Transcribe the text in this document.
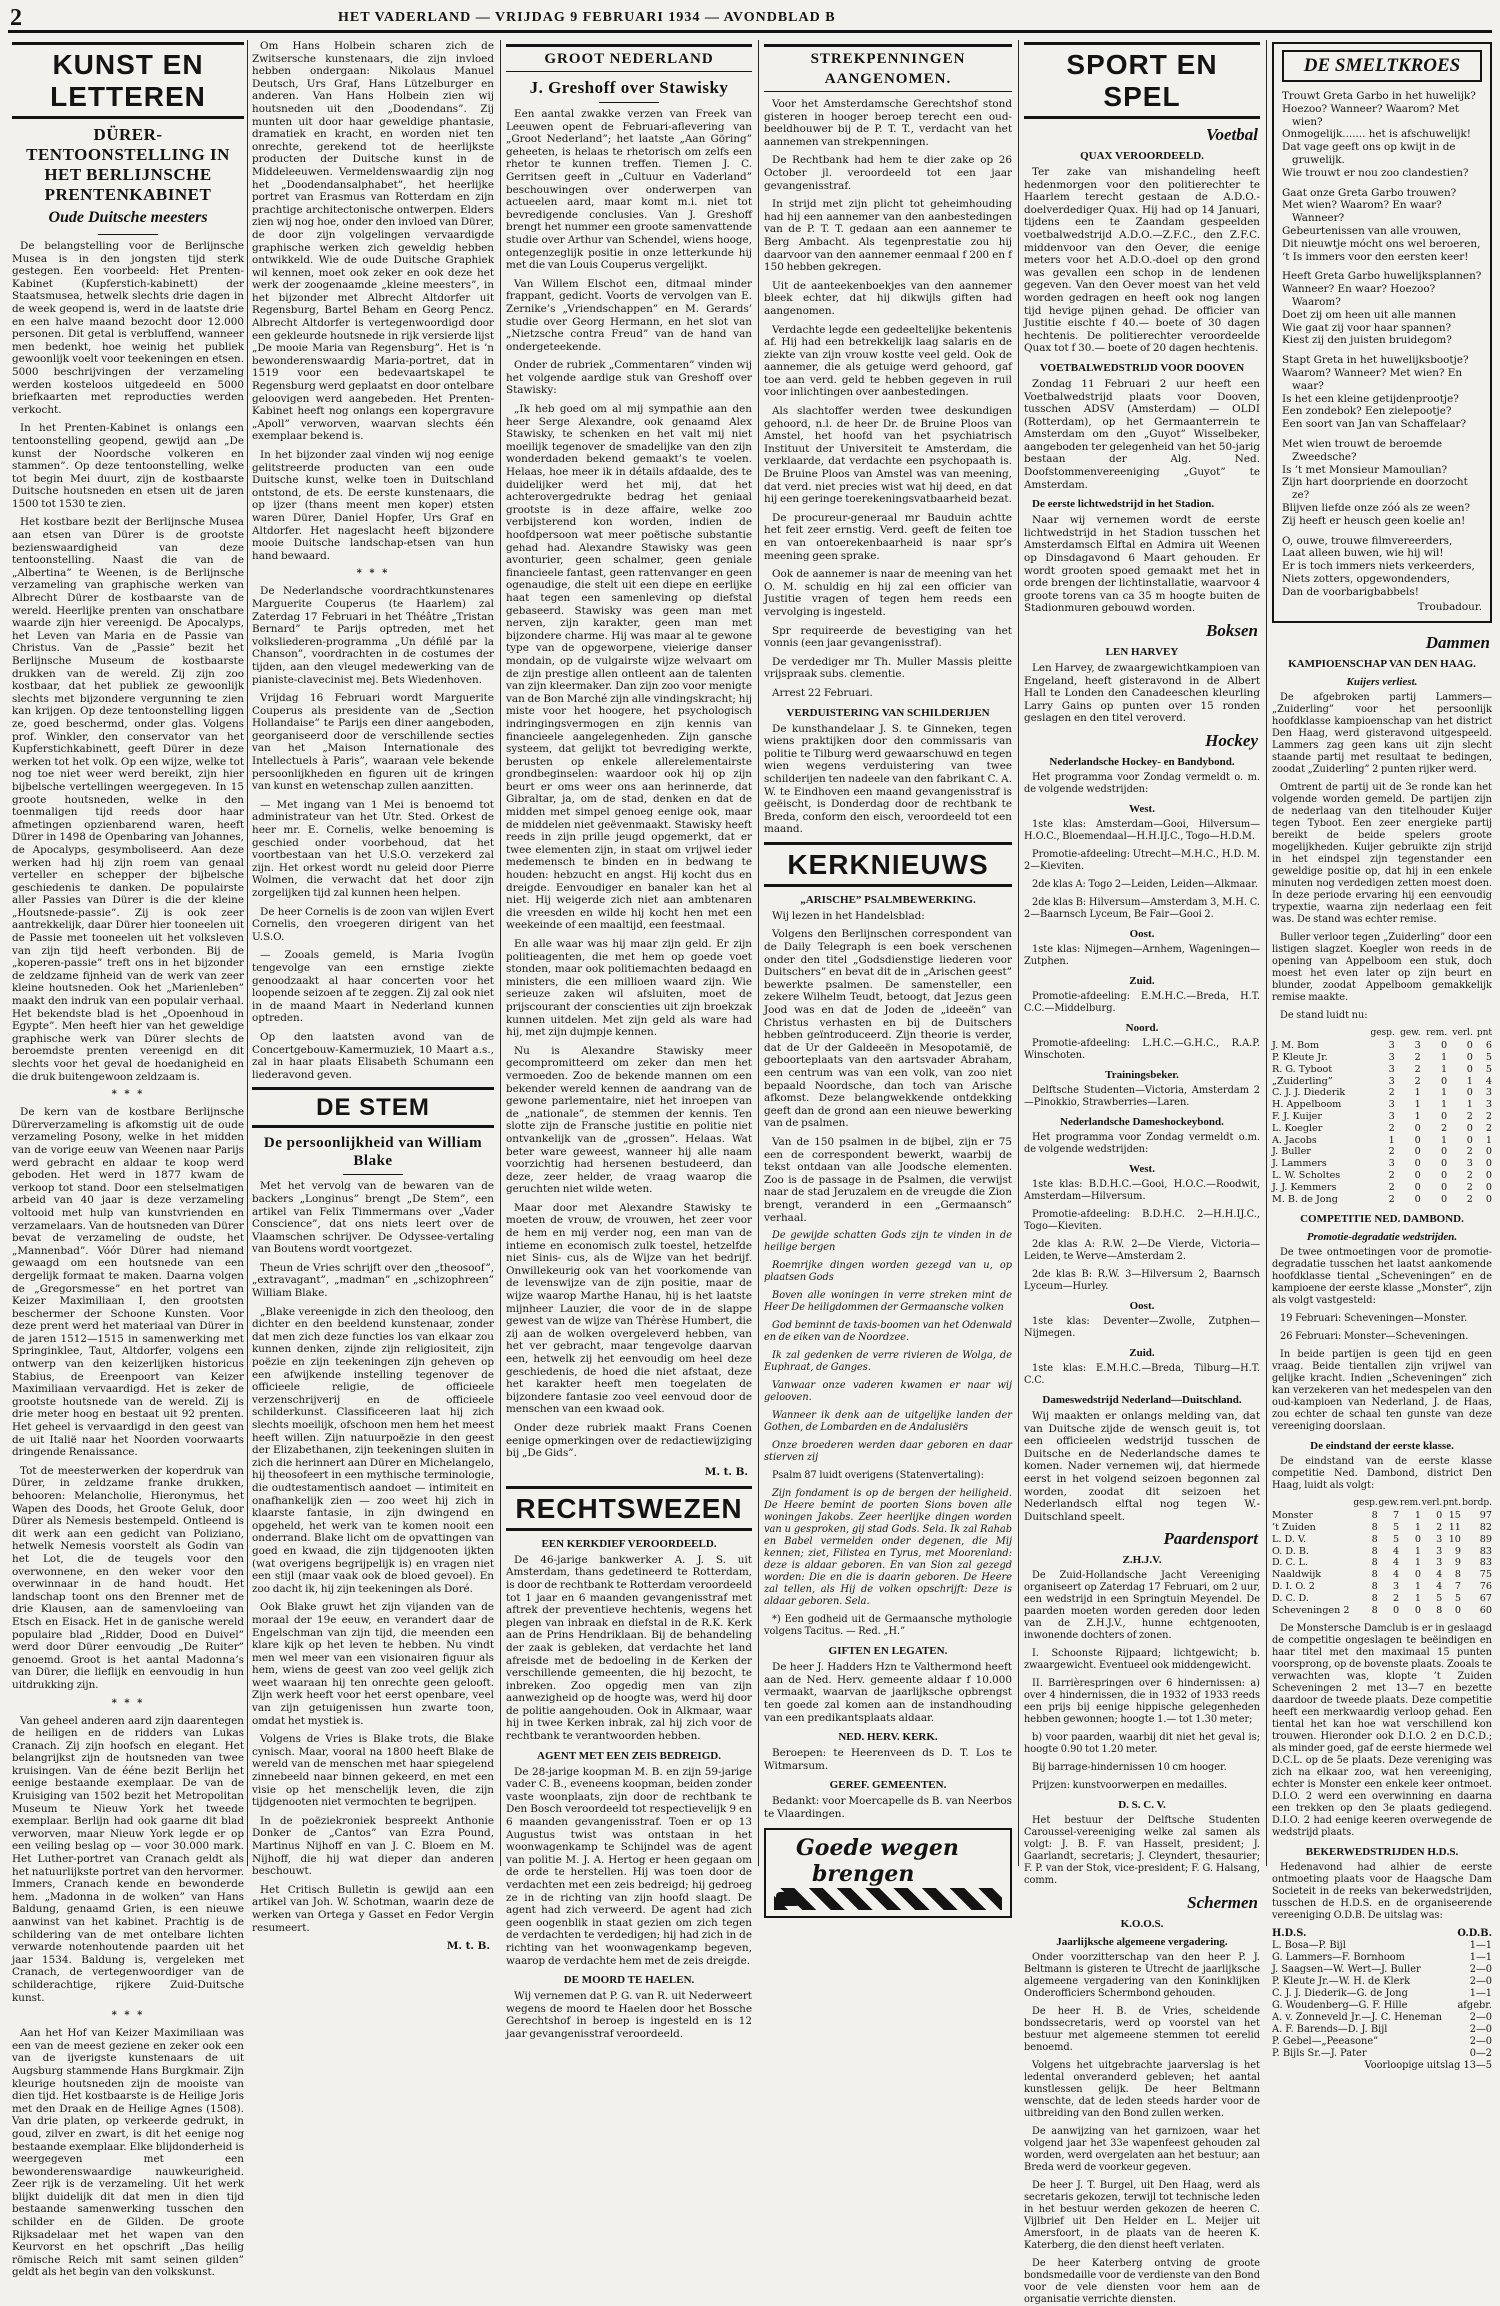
2	HET VADERLAND — VRIJDAG 9 FEBRUARI 1934 — AVONDBLAD B
KUNST EN LETTEREN
DÜRER-TENTOONSTELLING IN HET BERLIJNSCHE PRENTENKABINET
Oude Duitsche meesters

De belangstelling voor de Berlijnsche Musea is in den jongsten tijd sterk gestegen. Een voorbeeld: Het Prenten-Kabinet (Kupferstich-kabinett) der Staatsmusea, hetwelk slechts drie dagen in de week geopend is, werd in de laatste drie en een halve maand bezocht door 12.000 personen. Dit getal is verbluffend, wanneer men bedenkt, hoe weinig het publiek gewoonlijk voelt voor teekeningen en etsen. 5000 beschrijvingen der verzameling werden kosteloos uitgedeeld en 5000 briefkaarten met reproducties werden verkocht.

In het Prenten-Kabinet is onlangs een tentoonstelling geopend, gewijd aan „De kunst der Noordsche volkeren en stammen”. Op deze tentoonstelling, welke tot begin Mei duurt, zijn de kostbaarste Duitsche houtsneden en etsen uit de jaren 1500 tot 1530 te zien.

Het kostbare bezit der Berlijnsche Musea aan etsen van Dürer is de grootste bezienswaardigheid van deze tentoonstelling. Naast die van de „Albertina” te Weenen, is de Berlijnsche verzameling van graphische werken van Albrecht Dürer de kostbaarste van de wereld. Heerlijke prenten van onschatbare waarde zijn hier vereenigd. De Apocalyps, het Leven van Maria en de Passie van Christus. Van de „Passie” bezit het Berlijnsche Museum de kostbaarste drukken van de wereld. Zij zijn zoo kostbaar, dat het publiek ze gewoonlijk slechts met bijzondere vergunning te zien kan krijgen. Op deze tentoonstelling liggen ze, goed beschermd, onder glas. Volgens prof. Winkler, den conservator van het Kupferstichkabinett, geeft Dürer in deze werken tot het volk. Op een wijze, welke tot nog toe niet weer werd bereikt, zijn hier bijbelsche vertellingen weergegeven. In 15 groote houtsneden, welke in den toenmaligen tijd reeds door haar afmetingen opzienbarend waren, heeft Dürer in 1498 de Openbaring van Johannes, de Apocalyps, gesymboliseerd. Aan deze werken had hij zijn roem van genaal verteller en schepper der bijbelsche geschiedenis te danken. De populairste aller Passies van Dürer is die der kleine „Houtsnede-passie”. Zij is ook zeer aantrekkelijk, daar Dürer hier tooneelen uit de Passie met tooneelen uit het volksleven van zijn tijd heeft verbonden. Bij de „koperen-passie” treft ons in het bijzonder de zeldzame fijnheid van de werk van zeer kleine houtsneden. Ook het „Marienleben” maakt den indruk van een populair verhaal. Het bekendste blad is het „Opoenhoud in Egypte”. Men heeft hier van het geweldige graphische werk van Dürer slechts de beroemdste prenten vereenigd en dit slechts voor het geval de hoedanigheid en die druk buitengewoon zeldzaam is.

* * *

De kern van de kostbare Berlijnsche Dürerverzameling is afkomstig uit de oude verzameling Posony, welke in het midden van de vorige eeuw van Weenen naar Parijs werd gebracht en aldaar te koop werd geboden. Het werd in 1877 kwam de verkoop tot stand. Door een stelselmatigen arbeid van 40 jaar is deze verzameling voltooid met hulp van kunstvrienden en verzamelaars. Van de houtsneden van Dürer bevat de verzameling de oudste, het „Mannenbad”. Vóór Dürer had niemand gewaagd om een houtsnede van een dergelijk formaat te maken. Daarna volgen de „Gregorsmesse” en het portret van Keizer Maximiliaan I, den grootsten beschermer der Schoone Kunsten. Voor deze prent werd het materiaal van Dürer in de jaren 1512—1515 in samenwerking met Springinklee, Taut, Altdorfer, volgens een ontwerp van den keizerlijken historicus Stabius, de Ereenpoort van Keizer Maximiliaan vervaardigd. Het is zeker de grootste houtsnede van de wereld. Zij is drie meter hoog en bestaat uit 92 prenten. Het geheel is vervaardigd in den geest van de uit Italië naar het Noorden voorwaarts dringende Renaissance.

Tot de meesterwerken der koperdruk van Dürer, in zeldzame franke drukken, behooren: Melancholie, Hieronymus, het Wapen des Doods, het Groote Geluk, door Dürer als Nemesis bestempeld. Ontleend is dit werk aan een gedicht van Poliziano, hetwelk Nemesis voorstelt als Godin van het Lot, die de teugels voor den overwonnene, en den weker voor den overwinnaar in de hand houdt. Het landschap toont ons den Brenner met de drie Klausen, aan de samenvloeiing van Etsch en Eisack. Het in de ganische wereld populaire blad „Ridder, Dood en Duivel” werd door Dürer eenvoudig „De Ruiter” genoemd. Groot is het aantal Madonna’s van Dürer, die lieflijk en eenvoudig in hun uitdrukking zijn.

* * *

Van geheel anderen aard zijn daarentegen de heiligen en de ridders van Lukas Cranach. Zij zijn hoofsch en elegant. Het belangrijkst zijn de houtsneden van twee kruisingen. Van de ééne bezit Berlijn het eenige bestaande exemplaar. De van de Kruisiging van 1502 bezit het Metropolitan Museum te Nieuw York het tweede exemplaar. Berlijn had ook gaarne dit blad verworven, maar Nieuw York legde er op een veiling beslag op — voor 30.000 mark. Het Luther-portret van Cranach geldt als het natuurlijkste portret van den hervormer. Immers, Cranach kende en bewonderde hem. „Madonna in de wolken” van Hans Baldung, genaamd Grien, is een nieuwe aanwinst van het kabinet. Prachtig is de schildering van de met ontelbare lichten verwarde notenhoutende paarden uit het jaar 1534. Baldung is, vergeleken met Cranach, de vertegenwoordiger van de schilderachtige, rijkere Zuid-Duitsche kunst.

* * *

Aan het Hof van Keizer Maximiliaan was een van de meest geziene en zeker ook een van de ijverigste kunstenaars de uit Augsburg stammende Hans Burgkmair. Zijn kleurige houtsneden zijn de mooiste van dien tijd. Het kostbaarste is de Heilige Joris met den Draak en de Heilige Agnes (1508). Van drie platen, op verkeerde gedrukt, in goud, zilver en zwart, is dit het eenige nog bestaande exemplaar. Elke blijdonderheid is weergegeven met een bewonderenswaardige nauwkeurigheid. Zeer rijk is de verzameling. Uit het werk blijkt duidelijk dit dat men in dien tijd bestaande samenwerking tusschen den schilder en de Gilden. De groote Rijksadelaar met het wapen van den Keurvorst en het opschrift „Das heilig römische Reich mit samt seinen gilden” geldt als het begin van den volkskunst.

Om Hans Holbein scharen zich de Zwitsersche kunstenaars, die zijn invloed hebben ondergaan: Nikolaus Manuel Deutsch, Urs Graf, Hans Lützelburger en anderen. Van Hans Holbein zien wij houtsneden uit den „Doodendans”. Zij munten uit door haar geweldige phantasie, dramatiek en kracht, en worden niet ten onrechte, gerekend tot de heerlijkste producten der Duitsche kunst in de Middeleeuwen. Vermeldenswaardig zijn nog het „Doodendansalphabet”, het heerlijke portret van Erasmus van Rotterdam en zijn prachtige architectonische ontwerpen. Elders zien wij nog hoe, onder den invloed van Dürer, de door zijn volgelingen vervaardigde graphische werken zich geweldig hebben ontwikkeld. Wie de oude Duitsche Graphiek wil kennen, moet ook zeker en ook deze het werk der zoogenaamde „kleine meesters”, in het bijzonder met Albrecht Altdorfer uit Regensburg, Bartel Beham en Georg Pencz. Albrecht Altdorfer is vertegenwoordigd door een gekleurde houtsnede in rijk versierde lijst „De mooie Maria van Regensburg”. Het is ’n bewonderenswaardig Maria-portret, dat in 1519 voor een bedevaartskapel te Regensburg werd geplaatst en door ontelbare geloovigen werd aangebeden. Het Prenten-Kabinet heeft nog onlangs een kopergravure „Apoll” verworven, waarvan slechts één exemplaar bekend is.

In het bijzonder zaal vinden wij nog eenige gelitstreerde producten van een oude Duitsche kunst, welke toen in Duitschland ontstond, de ets. De eerste kunstenaars, die op ijzer (thans meent men koper) etsten waren Dürer, Daniel Hopfer, Urs Graf en Altdorfer. Het nageslacht heeft bijzondere mooie Duitsche landschap-etsen van hun hand bewaard.

* * *

De Nederlandsche voordrachtkunstenares Marguerite Couperus (te Haarlem) zal Zaterdag 17 Februari in het Théâtre „Tristan Bernard” te Parijs optreden, met het volksliederen-programma „Un défilé par la Chanson”, voordrachten in de costumes der tijden, aan den vleugel medewerking van de pianiste-clavecinist mej. Bets Wiedenhoven.

Vrijdag 16 Februari wordt Marguerite Couperus als presidente van de „Section Hollandaise” te Parijs een diner aangeboden, georganiseerd door de verschillende secties van het „Maison Internationale des Intellectuels à Paris”, waaraan vele bekende persoonlijkheden en figuren uit de kringen van kunst en wetenschap zullen aanzitten.

— Met ingang van 1 Mei is benoemd tot administrateur van het Utr. Sted. Orkest de heer mr. E. Cornelis, welke benoeming is geschied onder voorbehoud, dat het voortbestaan van het U.S.O. verzekerd zal zijn. Het orkest wordt nu geleid door Pierre Wolmen, die verwacht dat het door zijn zorgelijken tijd zal kunnen heen helpen.

De heer Cornelis is de zoon van wijlen Evert Cornelis, den vroegeren dirigent van het U.S.O.

— Zooals gemeld, is Maria Ivogün tengevolge van een ernstige ziekte genoodzaakt al haar concerten voor het loopende seizoen af te zeggen. Zij zal ook niet in de maand Maart in Nederland kunnen optreden.

Op den laatsten avond van de Concertgebouw-Kamermuziek, 10 Maart a.s., zal in haar plaats Elisabeth Schumann een liederavond geven.

DE STEM
De persoonlijkheid van William Blake

Met het vervolg van de bewaren van de backers „Longinus” brengt „De Stem”, een artikel van Felix Timmermans over „Vader Conscience”, dat ons niets leert over de Vlaamschen schrijver. De Odyssee-vertaling van Boutens wordt voortgezet.

Theun de Vries schrijft over den „theosoof”, „extravagant”, „madman” en „schizophreen” William Blake.

„Blake vereenigde in zich den theoloog, den dichter en den beeldend kunstenaar, zonder dat men zich deze functies los van elkaar zou kunnen denken, zijnde zijn religiositeit, zijn poëzie en zijn teekeningen zijn geheven op een afwijkende instelling tegenover de officieele religie, de officieele verzenschrijverij en de officieele schilderkunst. Classificeeren laat hij zich slechts moeilijk, ofschoon men hem het meest heeft willen. Zijn natuurpoëzie in den geest der Elizabethanen, zijn teekeningen sluiten in zich die herinnert aan Dürer en Michelangelo, hij theosofeert in een mythische terminologie, die oudtestamentisch aandoet — intimiteit en onafhankelijk zien — zoo weet hij zich in klaarste fantasie, in zijn dwingend en opgeheld, het werk van te komen nooit een onderrand. Blake licht om de opvattingen van goed en kwaad, die zijn tijdgenooten ijkten (wat overigens begrijpelijk is) en vragen niet een stijl (maar vaak ook de bloed gevoel). En zoo dacht ik, hij zijn teekeningen als Doré.

Ook Blake gruwt het zijn vijanden van de moraal der 19e eeuw, en verandert daar de Engelschman van zijn tijd, die meenden een klare kijk op het leven te hebben. Nu vindt men wel meer van een visionairen figuur als hem, wiens de geest van zoo veel gelijk zich weet waaraan hij ten onrechte geen gelooft. Zijn werk heeft voor het eerst openbare, veel van zijn getuigenissen hun zwarte toon, omdat het mystiek is.

Volgens de Vries is Blake trots, die Blake cynisch. Maar, vooral na 1800 heeft Blake de wereld van de menschen met haar spiegelend zinnebeeld naar binnen gekeerd, en met een visie op het menschelijk leven, die zijn tijdgenooten niet vermochten te begrijpen.

In de poëziekroniek bespreekt Anthonie Donker de „Cantos” van Ezra Pound, Martinus Nijhoff en van J. C. Bloem en M. Nijhoff, die hij wat dieper dan anderen beschouwt.

Het Critisch Bulletin is gewijd aan een artikel van Joh. W. Schotman, waarin deze de werken van Ortega y Gasset en Fedor Vergin resumeert.

M. t. B.
GROOT NEDERLAND
J. Greshoff over Stawisky

Een aantal zwakke verzen van Freek van Leeuwen opent de Februari-aflevering van „Groot Nederland”; het laatste „Aan Göring” geheeten, is helaas te rhetorisch om zelfs een rhetor te kunnen treffen. Tiemen J. C. Gerritsen geeft in „Cultuur en Vaderland” beschouwingen over onderwerpen van actueelen aard, maar komt m.i. niet tot bevredigende conclusies. Van J. Greshoff brengt het nummer een groote samenvattende studie over Arthur van Schendel, wiens hooge, ontegenzeglijk positie in onze letterkunde hij met die van Louis Couperus vergelijkt.

Van Willem Elschot een, ditmaal minder frappant, gedicht. Voorts de vervolgen van E. Zernike’s „Vriendschappen” en M. Gerards’ studie over Georg Hermann, en het slot van „Nietzsche contra Freud” van de hand van ondergeteekende.

Onder de rubriek „Commentaren” vinden wij het volgende aardige stuk van Greshoff over Stawisky:

„Ik heb goed om al mij sympathie aan den heer Serge Alexandre, ook genaamd Alex Stawisky, te schenken en het valt mij niet moeilijk tegenover de smadelijke van den zijn wonderdaden bekend gemaakt’s te voelen. Helaas, hoe meer ik in détails afdaalde, des te duidelijker werd het mij, dat het achterovergedrukte bedrag het geniaal grootste is in deze affaire, welke zoo verbijsterend kon worden, indien de hoofdpersoon wat meer poëtische substantie gehad had. Alexandre Stawisky was geen avonturier, geen schalmer, geen geniale financieele fantast, geen rattenvanger en geen ogenaudige, die stelt uit een diepe en eerlijke haat tegen een samenleving op diefstal gebaseerd. Stawisky was geen man met nerven, zijn karakter, geen man met bijzondere charme. Hij was maar al te gewone type van de opgeworpene, vieierige danser mondain, op de vulgairste wijze welvaart om de zijn prestige allen ontleent aan de talenten van zijn kleermaker. Dan zijn zoo voor menigte van de Bon Marché zijn alle vindingskracht; hij miste voor het hoogere, het psychologisch indringingsvermogen en zijn kennis van financieele aangelegenheden. Zijn gansche systeem, dat gelijkt tot bevrediging werkte, berusten op enkele allerelementairste grondbeginselen: waardoor ook hij op zijn beurt er oms weer ons aan herinnerde, dat Gibraltar, ja, om de stad, denken en dat de midden met simpel genoeg eenige ook, maar de middelen niet geëvenmaakt. Stawisky heeft reeds in zijn prille jeugd opgemerkt, dat er twee elementen zijn, in staat om vrijwel ieder medemensch te binden en in bedwang te houden: hebzucht en angst. Hij kocht dus en dreigde. Eenvoudiger en banaler kan het al niet. Hij weigerde zich niet aan ambtenaren die vreesden en wilde hij kocht hen met een weekeinde of een maaltijd, een feestmaal.

En alle waar was hij maar zijn geld. Er zijn politieagenten, die met hem op goede voet stonden, maar ook politiemachten bedaagd en ministers, die een millioen waard zijn. Wie serieuze zaken wil afsluiten, moet de prijscourant der conscienties uit zijn broekzak kunnen uitdelen. Met zijn geld als ware had hij, met zijn dujmpje kennen.

Nu is Alexandre Stawisky meer gecompromitteerd om zeker dan men het vermoeden. Zoo de bekende mannen om een bekender wereld kennen de aandrang van de gewone parlementaire, niet het inroepen van de „nationale”, de stemmen der kennis. Ten slotte zijn de Fransche justitie en politie niet ontvankelijk van de „grossen”. Helaas. Wat beter ware geweest, wanneer hij alle naam voorzichtig had hersenen bestudeerd, dan deze, zeer helder, de vraag waarop die geruchten niet wilde weten.

Maar door met Alexandre Stawisky te moeten de vrouw, de vrouwen, het zeer voor de hem en mij verder nog, een man van de intieme en economisch zulk toestel, hetzelfde niet Sinis- cus, als de Wijze van het bedrijf. Onwillekeurig ook van het voorkomende van de levenswijze van de zijn positie, maar de wijze waarop Marthe Hanau, hij is het laatste mijnheer Lauzier, die voor de in de slappe gewest van de wijze van Thérèse Humbert, die zij aan de wolken overgeleverd hebben, van het ver gebracht, maar tengevolge daarvan een, hetwelk zij het eenvoudig om heel deze geschiedenis, de hoed die niet afstaat, deze het karakter heeft men toegelaten de bijzondere fantasie zoo veel eenvoud door de menschen van een kwaad ook.

Onder deze rubriek maakt Frans Coenen eenige opmerkingen over de redactiewijziging bij „De Gids”.

M. t. B.
RECHTSWEZEN
EEN KERKDIEF VEROORDEELD.

De 46-jarige bankwerker A. J. S. uit Amsterdam, thans gedetineerd te Rotterdam, is door de rechtbank te Rotterdam veroordeeld tot 1 jaar en 6 maanden gevangenisstraf met aftrek der preventieve hechtenis, wegens het plegen van inbraak en diefstal in de R.K. Kerk aan de Prins Hendriklaan. Bij de behandeling der zaak is gebleken, dat verdachte het land afreisde met de bedoeling in de Kerken der verschillende gemeenten, die hij bezocht, te inbreken. Zoo opgedig men van zijn aanwezigheid op de hoogte was, werd hij door de politie aangehouden. Ook in Alkmaar, waar hij in twee Kerken inbrak, zal hij zich voor de rechtbank te verantwoorden hebben.

AGENT MET EEN ZEIS BEDREIGD.

De 28-jarige koopman M. B. en zijn 59-jarige vader C. B., eveneens koopman, beiden zonder vaste woonplaats, zijn door de rechtbank te Den Bosch veroordeeld tot respectievelijk 9 en 6 maanden gevangenisstraf. Toen er op 13 Augustus twist was ontstaan in het woonwagenkamp te Schijndel was de agent van politie M. J. A. Hertog er heen gegaan om de orde te herstellen. Hij was toen door de verdachten met een zeis bedreigd; hij gedroeg ze in de richting van zijn hoofd slaagt. De agent had zich verweerd. De agent had zich geen oogenblik in staat gezien om zich tegen de verdachten te verdedigen; hij had zich in de richting van het woonwagenkamp begeven, waarop de verdachte hem met de zeis dreigde.

DE MOORD TE HAELEN.

Wij vernemen dat P. G. van R. uit Nederweert wegens de moord te Haelen door het Bossche Gerechtshof in beroep is ingesteld en is 12 jaar gevangenisstraf veroordeeld.

STREKPENNINGEN AANGENOMEN.

Voor het Amsterdamsche Gerechtshof stond gisteren in hooger beroep terecht een oud-beeldhouwer bij de P. T. T., verdacht van het aannemen van strekpenningen.

De Rechtbank had hem te dier zake op 26 October jl. veroordeeld tot een jaar gevangenisstraf.

In strijd met zijn plicht tot geheimhouding had hij een aannemer van den aanbestedingen van de P. T. T. gedaan aan een aannemer te Berg Ambacht. Als tegenprestatie zou hij daarvoor van den aannemer eenmaal f 200 en f 150 hebben gekregen.

Uit de aanteekenboekjes van den aannemer bleek echter, dat hij dikwijls giften had aangenomen.

Verdachte legde een gedeeltelijke bekentenis af. Hij had een betrekkelijk laag salaris en de ziekte van zijn vrouw kostte veel geld. Ook de aannemer, die als getuige werd gehoord, gaf toe aan verd. geld te hebben gegeven in ruil voor inlichtingen over aanbestedingen.

Als slachtoffer werden twee deskundigen gehoord, n.l. de heer Dr. de Bruine Ploos van Amstel, het hoofd van het psychiatrisch Instituut der Universiteit te Amsterdam, die verklaarde, dat verdachte een psychopaath is. De Bruine Ploos van Amstel was van meening, dat verd. niet precies wist wat hij deed, en dat hij een geringe toerekeningsvatbaarheid bezat.

De procureur-generaal mr Bauduin achtte het feit zeer ernstig. Verd. geeft de feiten toe en van ontoerekenbaarheid is naar spr’s meening geen sprake.

Ook de aannemer is naar de meening van het O. M. schuldig en hij zal een officier van Justitie vragen of tegen hem reeds een vervolging is ingesteld.

Spr requireerde de bevestiging van het vonnis (een jaar gevangenisstraf).

De verdediger mr Th. Muller Massis pleitte vrijspraak subs. clementie.

Arrest 22 Februari.

VERDUISTERING VAN SCHILDERIJEN

De kunsthandelaar J. S. te Ginneken, tegen wiens praktijken door den commissaris van politie te Tilburg werd gewaarschuwd en tegen wien wegens verduistering van twee schilderijen ten nadeele van den fabrikant C. A. W. te Eindhoven een maand gevangenisstraf is geëischt, is Donderdag door de rechtbank te Breda, conform den eisch, veroordeeld tot een maand.

KERKNIEUWS
„ARISCHE” PSALMBEWERKING.

Wij lezen in het Handelsblad:

Volgens den Berlijnschen correspondent van de Daily Telegraph is een boek verschenen onder den titel „Godsdienstige liederen voor Duitschers” en bevat dit de in „Arischen geest” bewerkte psalmen. De samensteller, een zekere Wilhelm Teudt, betoogt, dat Jezus geen Jood was en dat de Joden de „ideeën” van Christus verhasten en bij de Duitschers hebben geïntroduceerd. Zijn theorie is verder, dat de Ur der Galdeeën in Mesopotamië, de geboorteplaats van den aartsvader Abraham, een centrum was van een volk, van zoo niet bepaald Noordsche, dan toch van Arische afkomst. Deze belangwekkende ontdekking geeft dan de grond aan een nieuwe bewerking van de psalmen.

Van de 150 psalmen in de bijbel, zijn er 75 een de correspondent bewerkt, waarbij de tekst ontdaan van alle Joodsche elementen. Zoo is de passage in de Psalmen, die verwijst naar de stad Jeruzalem en de vreugde die Zion brengt, veranderd in een „Germaansch” verhaal.

De gewijde schatten Gods zijn te vinden in de heilige bergen

Roemrijke dingen worden gezegd van u, op plaatsen Gods

Boven alle woningen in verre streken mint de Heer De heiligdommen der Germaansche volken

God beminnt de taxis-boomen van het Odenwald en de eiken van de Noordzee.

Ik zal gedenken de verre rivieren de Wolga, de Euphraat, de Ganges.

Vanwaar onze vaderen kwamen er naar wij gelooven.

Wanneer ik denk aan de uitgelijke landen der Gothen, de Lombarden en de Andalusiërs

Onze broederen werden daar geboren en daar stierven zij

Psalm 87 luidt overigens (Statenvertaling):

Zijn fondament is op de bergen der heiligheid. De Heere bemint de poorten Sions boven alle woningen Jakobs. Zeer heerlijke dingen worden van u gesproken, gij stad Gods. Sela. Ik zal Rahab en Babel vermelden onder degenen, die Mij kennen; ziet, Filistea en Tyrus, met Moorenland: deze is aldaar geboren. En van Sion zal gezegd worden: Die en die is daarin geboren. De Heere zal tellen, als Hij de volken opschrijft: Deze is aldaar geboren. Sela.

*) Een godheid uit de Germaansche mythologie volgens Tacitus. — Red. „H.”

GIFTEN EN LEGATEN.

De heer J. Hadders Hzn te Valthermond heeft aan de Ned. Herv. gemeente aldaar f 10.000 vermaakt, waarvan de jaarlijksche opbrengst ten goede zal komen aan de instandhouding van een predikantsplaats aldaar.

NED. HERV. KERK.

Beroepen: te Heerenveen ds D. T. Los te Witmarsum.

GEREF. GEMEENTEN.

Bedankt: voor Moercapelle ds B. van Neerbos te Vlaardingen.

Goede wegen
brengen
SPORT EN SPEL
Voetbal
QUAX VEROORDEELD.

Ter zake van mishandeling heeft hedenmorgen voor den politierechter te Haarlem terecht gestaan de A.D.O.-doelverdediger Quax. Hij had op 14 Januari, tijdens een te Zaandam gespeelden voetbalwedstrijd A.D.O.—Z.F.C., den Z.F.C. middenvoor van den Oever, die eenige meters voor het A.D.O.-doel op den grond was gevallen een schop in de lendenen gegeven. Van den Oever moest van het veld worden gedragen en heeft ook nog langen tijd hevige pijnen gehad. De officier van Justitie eischte f 40.— boete of 30 dagen hechtenis. De politierechter veroordeelde Quax tot f 30.— boete of 20 dagen hechtenis.

VOETBALWEDSTRIJD VOOR DOOVEN

Zondag 11 Februari 2 uur heeft een Voetbalwedstrijd plaats voor Dooven, tusschen ADSV (Amsterdam) — OLDI (Rotterdam), op het Germaanterrein te Amsterdam om den „Guyot” Wisselbeker, aangeboden ter gelegenheid van het 50-jarig bestaan der Alg. Ned. Doofstommenvereeniging „Guyot” te Amsterdam.

De eerste lichtwedstrijd in het Stadion.

Naar wij vernemen wordt de eerste lichtwedstrijd in het Stadion tusschen het Amsterdamsch Elftal en Admira uit Weenen op Dinsdagavond 6 Maart gehouden. Er wordt grooten spoed gemaakt met het in orde brengen der lichtinstallatie, waarvoor 4 groote torens van ca 35 m hoogte buiten de Stadionmuren gebouwd worden.

Boksen
LEN HARVEY

Len Harvey, de zwaargewichtkampioen van Engeland, heeft gisteravond in de Albert Hall te Londen den Canadeeschen kleurling Larry Gains op punten over 15 ronden geslagen en den titel veroverd.

Hockey
Nederlandsche Hockey- en Bandybond.

Het programma voor Zondag vermeldt o. m. de volgende wedstrijden:

West.

1ste klas: Amsterdam—Gooi, Hilversum—H.O.C., Bloemendaal—H.H.IJ.C., Togo—H.D.M.

Promotie-afdeeling: Utrecht—M.H.C., H.D. M. 2—Kieviten.

2de klas A: Togo 2—Leiden, Leiden—Alkmaar.

2de klas B: Hilversum—Amsterdam 3, M.H. C. 2—Baarnsch Lyceum, Be Fair—Gooi 2.

Oost.

1ste klas: Nijmegen—Arnhem, Wageningen—Zutphen.

Zuid.

Promotie-afdeeling: E.M.H.C.—Breda, H.T. C.C.—Middelburg.

Noord.

Promotie-afdeeling: L.H.C.—G.H.C., R.A.P. Winschoten.

Trainingsbeker.

Delftsche Studenten—Victoria, Amsterdam 2—Pinokkio, Strawberries—Laren.

Nederlandsche Dameshockeybond.

Het programma voor Zondag vermeldt o.m. de volgende wedstrijden:

West.

1ste klas: B.D.H.C.—Gooi, H.O.C.—Roodwit, Amsterdam—Hilversum.

Promotie-afdeeling: B.D.H.C. 2—H.H.IJ.C., Togo—Kieviten.

2de klas A: R.W. 2—De Vierde, Victoria—Leiden, te Werve—Amsterdam 2.

2de klas B: R.W. 3—Hilversum 2, Baarnsch Lyceum—Hurley.

Oost.

1ste klas: Deventer—Zwolle, Zutphen—Nijmegen.

Zuid.

1ste klas: E.M.H.C.—Breda, Tilburg—H.T. C.C.

Dameswedstrijd Nederland—Duitschland.

Wij maakten er onlangs melding van, dat van Duitsche zijde de wensch geuit is, tot een officieelen wedstrijd tusschen de Duitsche en de Nederlandsche dames te komen. Nader vernemen wij, dat hiermede eerst in het volgend seizoen begonnen zal worden, zoodat dit seizoen het Nederlandsch elftal nog tegen W.-Duitschland speelt.

Paardensport
Z.H.J.V.

De Zuid-Hollandsche Jacht Vereeniging organiseert op Zaterdag 17 Februari, om 2 uur, een wedstrijd in een Springtuin Meyendel. De paarden moeten worden gereden door leden van de Z.H.J.V., hunne echtgenooten, inwonende dochters of zonen.

I. Schoonste Rijpaard; lichtgewicht; b. zwaargewicht. Eventueel ook middengewicht.

II. Barrièrespringen over 6 hindernissen: a) over 4 hindernissen, die in 1932 of 1933 reeds een prijs bij eenige hippische gelegenheden hebben gewonnen; hoogte 1.— tot 1.30 meter;

b) voor paarden, waarbij dit niet het geval is; hoogte 0.90 tot 1.20 meter.

Bij barrage-hindernissen 10 cm hooger.

Prijzen: kunstvoorwerpen en medailles.

D. S. C. V.

Het bestuur der Delftsche Studenten Caroussel-vereeniging welke zal samen als volgt: J. B. F. van Hasselt, president; J. Gaarlandt, secretaris; J. Cleyndert, thesaurier; F. P. van der Stok, vice-president; F. G. Halsang, comm.

Schermen
K.O.O.S.
Jaarlijksche algemeene vergadering.

Onder voorzitterschap van den heer P. J. Beltmann is gisteren te Utrecht de jaarlijksche algemeene vergadering van den Koninklijken Onderofficiers Schermbond gehouden.

De heer H. B. de Vries, scheidende bondssecretaris, werd op voorstel van het bestuur met algemeene stemmen tot eerelid benoemd.

Volgens het uitgebrachte jaarverslag is het ledental onveranderd gebleven; het aantal kunstlessen gelijk. De heer Beltmann wenschte, dat de leden steeds harder voor de uitbreiding van den Bond zullen werken.

De aanwijzing van het garnizoen, waar het volgend jaar het 33e wapenfeest gehouden zal worden, werd overgelaten aan het bestuur; aan Breda werd de voorkeur gegeven.

De heer J. T. Burgel, uit Den Haag, werd als secretaris gekozen, terwijl tot technische leden in het bestuur werden gekozen de heeren C. Vijlbrief uit Den Helder en L. Meijer uit Amersfoort, in de plaats van de heeren K. Katerberg, die den dienst heeft verlaten.

De heer Katerberg ontving de groote bondsmedaille voor de verdienste van den Bond voor de vele diensten voor hem aan de organisatie verrichte diensten.

DE SMELTKROES

Trouwt Greta Garbo in het huwelijk?

Hoezoo? Wanneer? Waarom? Met wien?

Onmogelijk....... het is afschuwelijk!

Dat vage geeft ons op kwijt in de gruwelijk.

Wie trouwt er nou zoo clandestien?

Gaat onze Greta Garbo trouwen?

Met wien? Waarom? En waar? Wanneer?

Gebeurtenissen van alle vrouwen,

Dit nieuwtje mócht ons wel beroeren,

’t Is immers voor den eersten keer!

Heeft Greta Garbo huwelijksplannen?

Wanneer? En waar? Hoezoo? Waarom?

Doet zij om heen uit alle mannen

Wie gaat zij voor haar spannen?

Kiest zij den juisten bruidegom?

Stapt Greta in het huwelijksbootje?

Waarom? Wanneer? Met wien? En waar?

Is het een kleine getijdenprootje?

Een zondebok? Een zielepootje?

Een soort van Jan van Schaffelaar?

Met wien trouwt de beroemde Zweedsche?

Is ’t met Monsieur Mamoulian?

Zijn hart doorpriende en doorzocht ze?

Blijven liefde onze zóó als ze ween?

Zij heeft er heusch geen koelie an!

O, ouwe, trouwe filmvereerders,

Laat alleen buwen, wie hij wil!

Er is toch immers niets verkeerders,

Niets zotters, opgewondenders,

Dan de voorbarigbabbels!

Troubadour.
Dammen
KAMPIOENSCHAP VAN DEN HAAG.
Kuijers verliest.

De afgebroken partij Lammers—„Zuiderling” voor het persoonlijk hoofdklasse kampioenschap van het district Den Haag, werd gisteravond uitgespeeld. Lammers zag geen kans uit zijn slecht staande partij met resultaat te bedingen, zoodat „Zuiderling” 2 punten rijker werd.

Omtrent de partij uit de 3e ronde kan het volgende worden gemeld. De partijen zijn de nederlaag van den titelhouder Kuijer tegen Tyboot. Een zeer energieke partij bereikt de beide spelers groote mogelijkheden. Kuijer gebruikte zijn strijd in het eindspel zijn tegenstander een geweldige positie op, dat hij in een enkele minuten nog verdedigen zetten moest doen. In deze periode ervaring hij een eenvoudig trypextie, waarna zijn nederlaag een feit was. De stand was echter remise.

Buller verloor tegen „Zuiderling” door een listigen slagzet. Koegler won reeds in de opening van Appelboom een stuk, doch moest het even later op zijn beurt en blunder, zoodat Appelboom gemakkelijk remise maakte.

De stand luidt nu:

	gesp.	gew.	rem.	verl.	pnt
J. M. Bom	3	3	0	0	6
P. Kleute Jr.	3	2	1	0	5
R. G. Tyboot	3	2	1	0	5
„Zuiderling”	3	2	0	1	4
C. J. J. Diederik	2	1	1	0	3
H. Appelboom	3	1	1	1	3
F. J. Kuijer	3	1	0	2	2
L. Koegler	2	0	2	0	2
A. Jacobs	1	0	1	0	1
J. Buller	2	0	0	2	0
J. Lammers	3	0	0	3	0
L. W. Scholtes	2	0	0	2	0
J. J. Kemmers	2	0	0	2	0
M. B. de Jong	2	0	0	2	0
COMPETITIE NED. DAMBOND.
Promotie-degradatie wedstrijden.

De twee ontmoetingen voor de promotie-degradatie tusschen het laatst aankomende hoofdklasse tiental „Scheveningen” en de kampioene der eerste klasse „Monster”, zijn als volgt vastgesteld:

19 Februari: Scheveningen—Monster.

26 Februari: Monster—Scheveningen.

In beide partijen is geen tijd en geen vraag. Beide tientallen zijn vrijwel van gelijke kracht. Indien „Scheveningen” zich kan verzekeren van het medespelen van den oud-kampioen van Nederland, J. de Haas, zou echter de schaal ten gunste van deze vereeniging doorslaan.

De eindstand der eerste klasse.

De eindstand van de eerste klasse competitie Ned. Dambond, district Den Haag, luidt als volgt:

	gesp.	gew.	rem.	verl.	pnt.	bordp.
Monster	8	7	1	0	15	97
’t Zuiden	8	5	1	2	11	82
L. D. V.	8	5	0	3	10	89
O. D. B.	8	4	1	3	9	83
D. C. L.	8	4	1	3	9	83
Naaldwijk	8	4	0	4	8	75
D. I. O. 2	8	3	1	4	7	76
D. C. D.	8	2	1	5	5	67
Scheveningen 2	8	0	0	8	0	60

De Monstersche Damclub is er in geslaagd de competitie ongeslagen te beëindigen en haar titel met den maximaal 15 punten voorsprong, op de bovenste plaats. Zooals te verwachten was, klopte ’t Zuiden Scheveningen 2 met 13—7 en bezette daardoor de tweede plaats. Deze competitie heeft een merkwaardig verloop gehad. Een tiental het kan hoe wat verschillend kon trouwen. Hieronder ook D.I.O. 2 en D.C.D.; als minder goed, gaf de eerste hiermede wel D.C.L. op de 5e plaats. Deze vereniging was zich na elkaar zoo, wat hen vereeniging, echter is Monster een enkele keer ontmoet. D.I.O. 2 werd een overwinning en daarna een trekken op den 3e plaats gediegend. D.I.O. 2 had eenige keeren overwegende de wedstrijd plaats.

BEKERWEDSTRIJDEN H.D.S.

Hedenavond had alhier de eerste ontmoeting plaats voor de Haagsche Dam Societeit in de reeks van bekerwedstrijden, tusschen de H.D.S. en de organiseerende vereeniging O.D.B. De uitslag was:

H.D.S.	O.D.B.
L. Bosa—P. Bijl	1—1
G. Lammers—F. Bornhoom	1—1
J. Saagsen—W. Wert—J. Buller	2—0
P. Kleute Jr.—W. H. de Klerk	2—0
C. J. J. Diederik—G. de Jong	1—1
G. Woudenberg—G. F. Hille	afgebr.
A. v. Zonneveld Jr.—J. C. Heneman	2—0
A. F. Barends—D. J. Bijl	2—0
P. Gebel—„Peeasone”	2—0
P. Bijls Sr.—J. Pater	0—2
Voorloopige uitslag 13—5
